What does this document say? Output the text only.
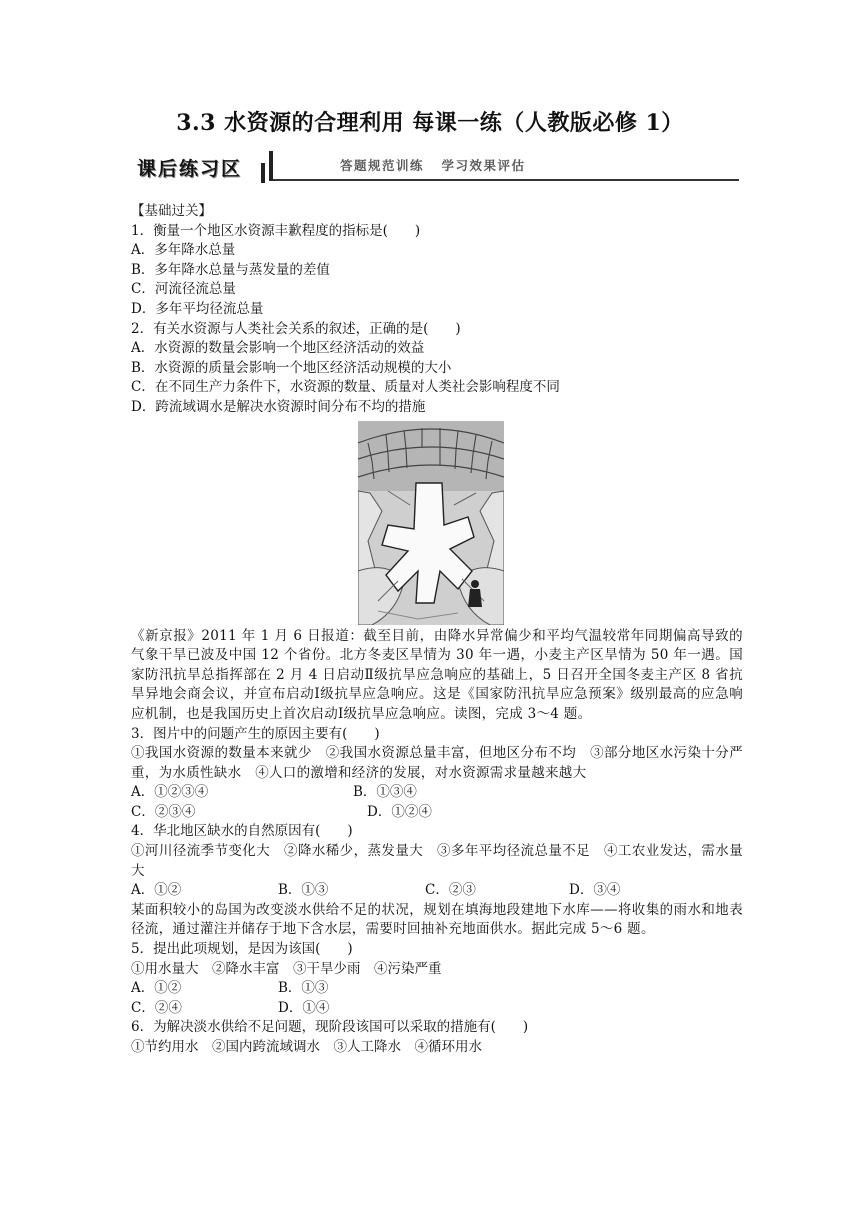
3.3 水资源的合理利用 每课一练（人教版必修 1）
课后练习区	答题规范训练   学习效果评估
【基础过关】
1．衡量一个地区水资源丰歉程度的指标是(　　)
A．多年降水总量
B．多年降水总量与蒸发量的差值
C．河流径流总量
D．多年平均径流总量
2．有关水资源与人类社会关系的叙述，正确的是(　　)
A．水资源的数量会影响一个地区经济活动的效益
B．水资源的质量会影响一个地区经济活动规模的大小
C．在不同生产力条件下，水资源的数量、质量对人类社会影响程度不同
D．跨流域调水是解决水资源时间分布不均的措施
《新京报》2011 年 1 月 6 日报道：截至目前，由降水异常偏少和平均气温较常年同期偏高导致的气象干旱已波及中国 12 个省份。北方冬麦区旱情为 30 年一遇，小麦主产区旱情为 50 年一遇。国家防汛抗旱总指挥部在 2 月 4 日启动Ⅱ级抗旱应急响应的基础上，5 日召开全国冬麦主产区 8 省抗旱异地会商会议，并宣布启动Ⅰ级抗旱应急响应。这是《国家防汛抗旱应急预案》级别最高的应急响应机制，也是我国历史上首次启动Ⅰ级抗旱应急响应。读图，完成 3～4 题。
3．图片中的问题产生的原因主要有(　　)
①我国水资源的数量本来就少　②我国水资源总量丰富，但地区分布不均　③部分地区水污染十分严重，为水质性缺水　④人口的激增和经济的发展，对水资源需求量越来越大
A．①②③④	B．①③④
C．②③④	D．①②④
4．华北地区缺水的自然原因有(　　)
①河川径流季节变化大　②降水稀少，蒸发量大　③多年平均径流总量不足　④工农业发达，需水量大
A．①②	B．①③	C．②③	D．③④
某面积较小的岛国为改变淡水供给不足的状况，规划在填海地段建地下水库——将收集的雨水和地表径流，通过灌注并储存于地下含水层，需要时回抽补充地面供水。据此完成 5～6 题。
5．提出此项规划，是因为该国(　　)
①用水量大　②降水丰富　③干旱少雨　④污染严重
A．①②	B．①③
C．②④	D．①④
6．为解决淡水供给不足问题，现阶段该国可以采取的措施有(　　)
①节约用水　②国内跨流域调水　③人工降水　④循环用水
